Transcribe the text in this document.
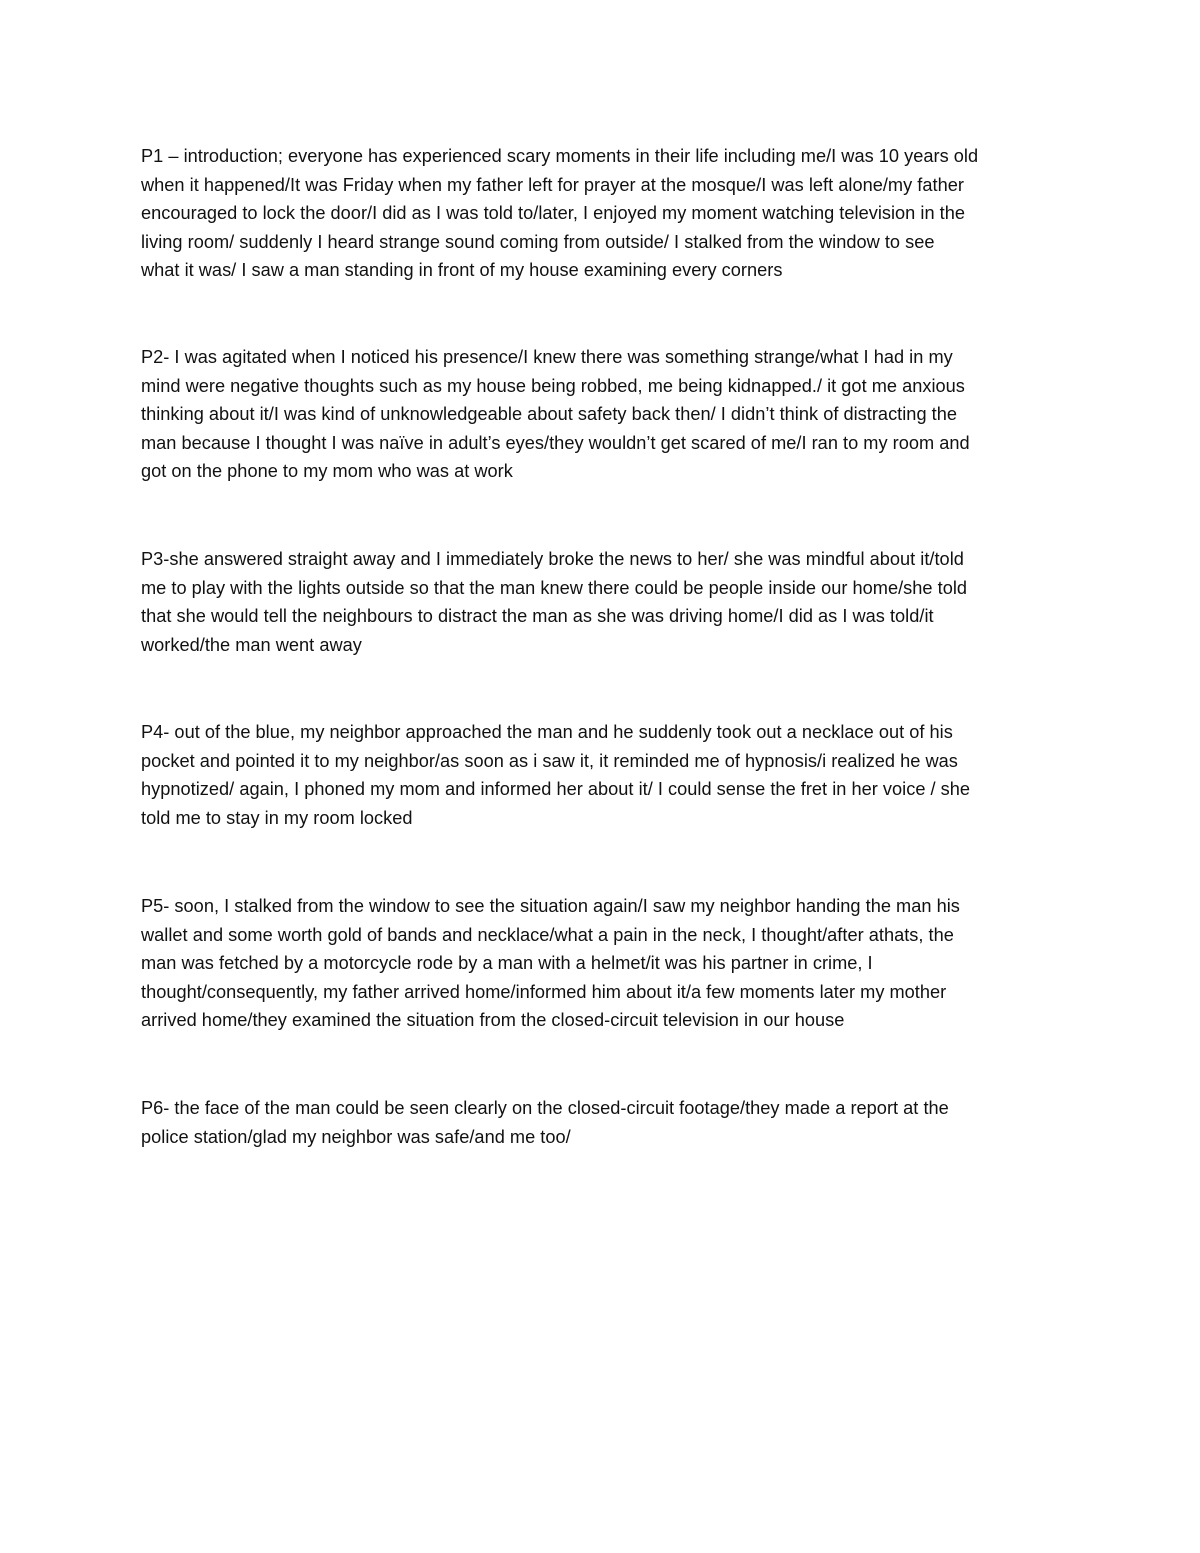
P1 – introduction; everyone has experienced scary moments in their life including me/I was 10 years old
when it happened/It was Friday when my father left for prayer at the mosque/I was left alone/my father
encouraged to lock the door/I did as I was told to/later, I enjoyed my moment watching television in the
living room/ suddenly I heard strange sound coming from outside/ I stalked from the window to see
what it was/ I saw a man standing in front of my house examining every corners

P2- I was agitated when I noticed his presence/I knew there was something strange/what I had in my
mind were negative thoughts such as my house being robbed, me being kidnapped./ it got me anxious
thinking about it/I was kind of unknowledgeable about safety back then/ I didn’t think of distracting the
man because I thought I was naïve in adult’s eyes/they wouldn’t get scared of me/I ran to my room and
got on the phone to my mom who was at work

P3-she answered straight away and I immediately broke the news to her/ she was mindful about it/told
me to play with the lights outside so that the man knew there could be people inside our home/she told
that she would tell the neighbours to distract the man as she was driving home/I did as I was told/it
worked/the man went away

P4- out of the blue, my neighbor approached the man and he suddenly took out a necklace out of his
pocket and pointed it to my neighbor/as soon as i saw it, it reminded me of hypnosis/i realized he was
hypnotized/ again, I phoned my mom and informed her about it/ I could sense the fret in her voice / she
told me to stay in my room locked

P5- soon, I stalked from the window to see the situation again/I saw my neighbor handing the man his
wallet and some worth gold of bands and necklace/what a pain in the neck, I thought/after athats, the
man was fetched by a motorcycle rode by a man with a helmet/it was his partner in crime, I
thought/consequently, my father arrived home/informed him about it/a few moments later my mother
arrived home/they examined the situation from the closed-circuit television in our house

P6- the face of the man could be seen clearly on the closed-circuit footage/they made a report at the
police station/glad my neighbor was safe/and me too/
